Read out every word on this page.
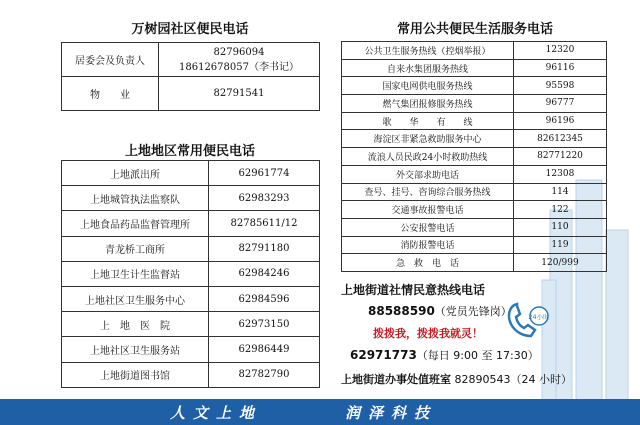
万树园社区便民电话
居委会及负责人	82796094
18612678057（李书记）

物　　业	82791541
上地地区常用便民电话
上地派出所	62961774
上地城管执法监察队	62983293
上地食品药品监督管理所	82785611/12
青龙桥工商所	82791180
上地卫生计生监督站	62984246
上地社区卫生服务中心	62984596
上　地　医　院	62973150
上地社区卫生服务站	62986449
上地街道图书馆	82782790
常用公共便民生活服务电话
公共卫生服务热线（控烟举报）	12320
自来水集团服务热线	96116
国家电网供电服务热线	95598
燃气集团报修服务热线	96777
歌　　华　　有　　线	96196
海淀区非紧急救助服务中心	82612345
流浪人员民政24小时救助热线	82771220
外交部求助电话	12308
查号、挂号、咨询综合服务热线	114
交通事故报警电话	122
公安报警电话	110
消防报警电话	119
急　救　电　话	120/999
上地街道社情民意热线电话
88588590（党员先锋岗）
拨拨我，拨拨我就灵！
62971773（每日 9:00 至 17:30）
上地街道办事处值班室 82890543（24 小时）
24小时
人文上地	润泽科技
